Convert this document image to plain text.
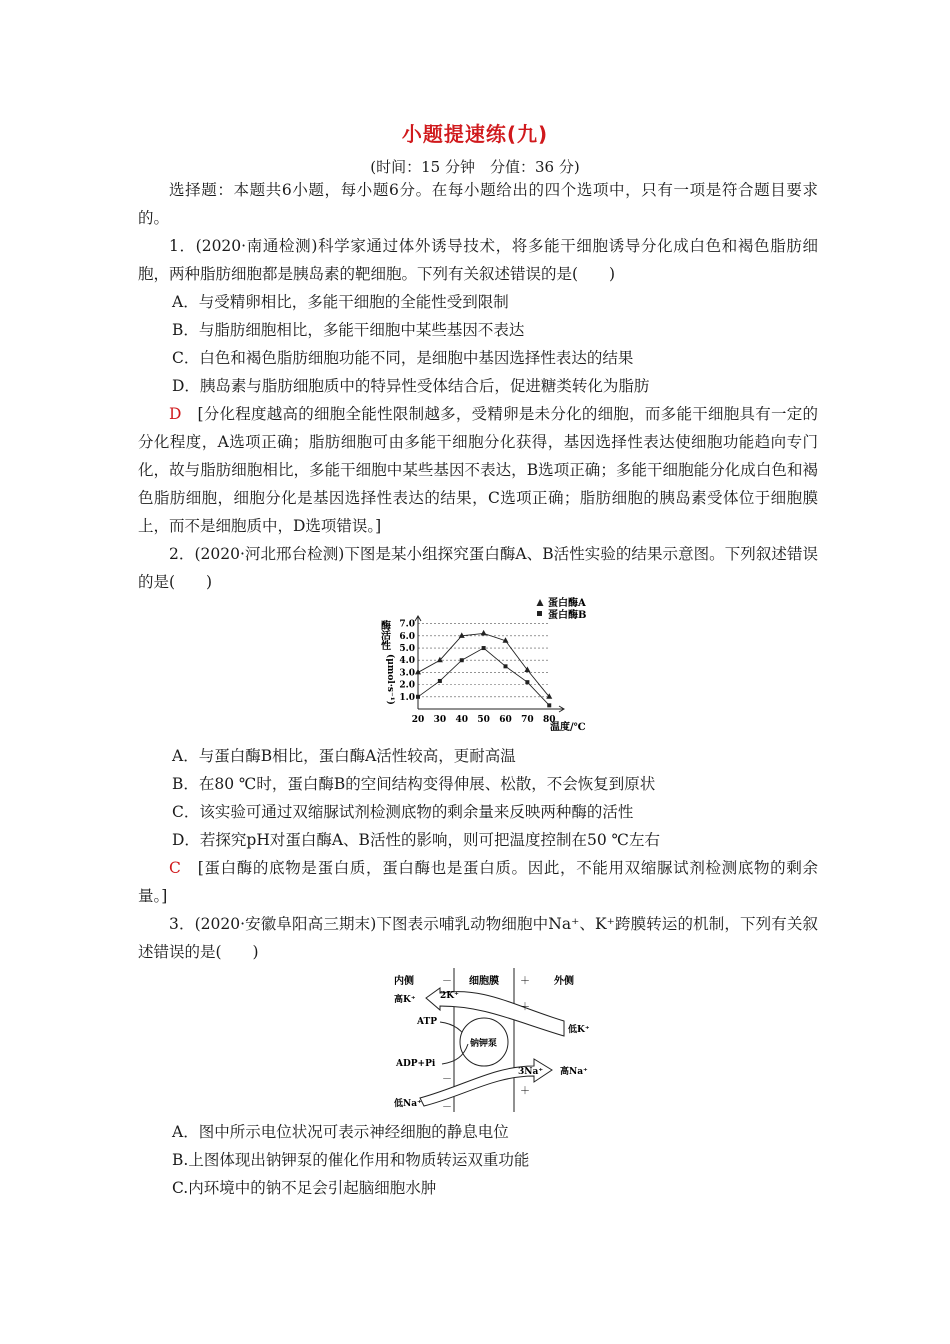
小题提速练(九)
(时间：15 分钟　分值：36 分)
选择题：本题共6小题，每小题6分。在每小题给出的四个选项中，只有一项是符合题目要求的。
1．(2020·南通检测)科学家通过体外诱导技术，将多能干细胞诱导分化成白色和褐色脂肪细胞，两种脂肪细胞都是胰岛素的靶细胞。下列有关叙述错误的是(　　)
A．与受精卵相比，多能干细胞的全能性受到限制
B．与脂肪细胞相比，多能干细胞中某些基因不表达
C．白色和褐色脂肪细胞功能不同，是细胞中基因选择性表达的结果
D．胰岛素与脂肪细胞质中的特异性受体结合后，促进糖类转化为脂肪
D　[分化程度越高的细胞全能性限制越多，受精卵是未分化的细胞，而多能干细胞具有一定的分化程度，A选项正确；脂肪细胞可由多能干细胞分化获得，基因选择性表达使细胞功能趋向专门化，故与脂肪细胞相比，多能干细胞中某些基因不表达，B选项正确；多能干细胞能分化成白色和褐色脂肪细胞，细胞分化是基因选择性表达的结果，C选项正确；脂肪细胞的胰岛素受体位于细胞膜上，而不是细胞质中，D选项错误。]
2．(2020·河北邢台检测)下图是某小组探究蛋白酶A、B活性实验的结果示意图。下列叙述错误的是(　　)
1.0
2.0
3.0
4.0
5.0
6.0
7.0
20 30 40 50 60 70 80
酶活性
(μmol·s⁻¹)
温度/℃
蛋白酶A
蛋白酶B
A．与蛋白酶B相比，蛋白酶A活性较高，更耐高温
B．在80 ℃时，蛋白酶B的空间结构变得伸展、松散，不会恢复到原状
C．该实验可通过双缩脲试剂检测底物的剩余量来反映两种酶的活性
D．若探究pH对蛋白酶A、B活性的影响，则可把温度控制在50 ℃左右
C　[蛋白酶的底物是蛋白质，蛋白酶也是蛋白质。因此，不能用双缩脲试剂检测底物的剩余量。]
3．(2020·安徽阜阳高三期末)下图表示哺乳动物细胞中Na⁺、K⁺跨膜转运的机制，下列有关叙述错误的是(　　)
内侧	－ 细胞膜 ＋ 外侧
高K⁺	2K⁺
－	＋
低K⁺
ATP
钠钾泵
ADP+Pi
3Na⁺ 高Na⁺
－
＋
低Na⁺ －
A．图中所示电位状况可表示神经细胞的静息电位
B.上图体现出钠钾泵的催化作用和物质转运双重功能
C.内环境中的钠不足会引起脑细胞水肿
